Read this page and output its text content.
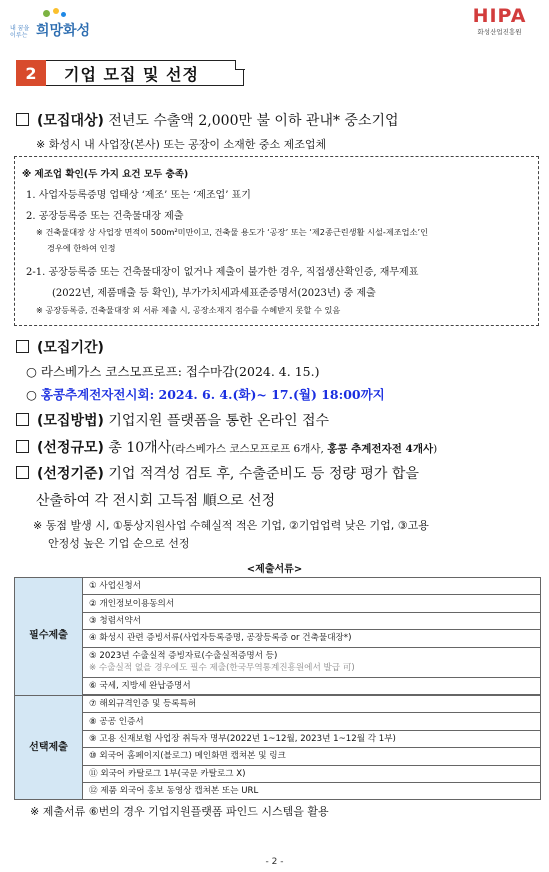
내 꿈을 이루는 희망화성
HIPA
화성산업진흥원
2	기업 모집 및 선정
(모집대상) 전년도 수출액 2,000만 불 이하 관내* 중소기업
※ 화성시 내 사업장(본사) 또는 공장이 소재한 중소 제조업체
※ 제조업 확인(두 가지 요건 모두 충족)
1. 사업자등록증명 업태상 ‘제조’ 또는 ‘제조업’ 표기
2. 공장등록증 또는 건축물대장 제출
※ 건축물대장 상 사업장 면적이 500m²미만이고, 건축물 용도가 ‘공장’ 또는 ‘제2종근린생활 시설-제조업소’인
경우에 한하여 인정
2-1. 공장등록증 또는 건축물대장이 없거나 제출이 불가한 경우, 직접생산확인증, 재무제표
(2022년, 제품매출 등 확인), 부가가치세과세표준증명서(2023년) 중 제출
※ 공장등록증, 건축물대장 외 서류 제출 시, 공장소재지 점수를 수혜받지 못할 수 있음
(모집기간)
○ 라스베가스 코스모프로프: 접수마감(2024. 4. 15.)
○ 홍콩추계전자전시회: 2024. 6. 4.(화)~ 17.(월) 18:00까지
(모집방법) 기업지원 플랫폼을 통한 온라인 접수
(선정규모) 총 10개사(라스베가스 코스모프로프 6개사, 홍콩 추계전자전 4개사)
(선정기준) 기업 적격성 검토 후, 수출준비도 등 정량 평가 합을
산출하여 각 전시회 고득점 順으로 선정
※ 동점 발생 시, ①통상지원사업 수혜실적 적은 기업, ②기업업력 낮은 기업, ③고용
안정성 높은 기업 순으로 선정
<제출서류>
필수제출	① 사업신청서
	② 개인정보이용동의서
	③ 청렴서약서
	④ 화성시 관련 증빙서류(사업자등록증명, 공장등록증 or 건축물대장*)
	⑤ 2023년 수출실적 증빙자료(수출실적증명서 등)
※ 수출실적 없을 경우에도 필수 제출(한국무역통계진흥원에서 발급 可)

	⑥ 국세, 지방세 완납증명서

선택제출	⑦ 해외규격인증 및 등록특허
	⑧ 공공 인증서
	⑨ 고용 신재보험 사업장 취득자 명부(2022년 1~12월, 2023년 1~12월 각 1부)
	⑩ 외국어 홈페이지(블로그) 메인화면 캡쳐본 및 링크
	⑪ 외국어 카탈로그 1부(국문 카탈로그 X)
	⑫ 제품 외국어 홍보 동영상 캡쳐본 또는 URL
※ 제출서류 ⑥번의 경우 기업지원플랫폼 파인드 시스템을 활용
- 2 -
